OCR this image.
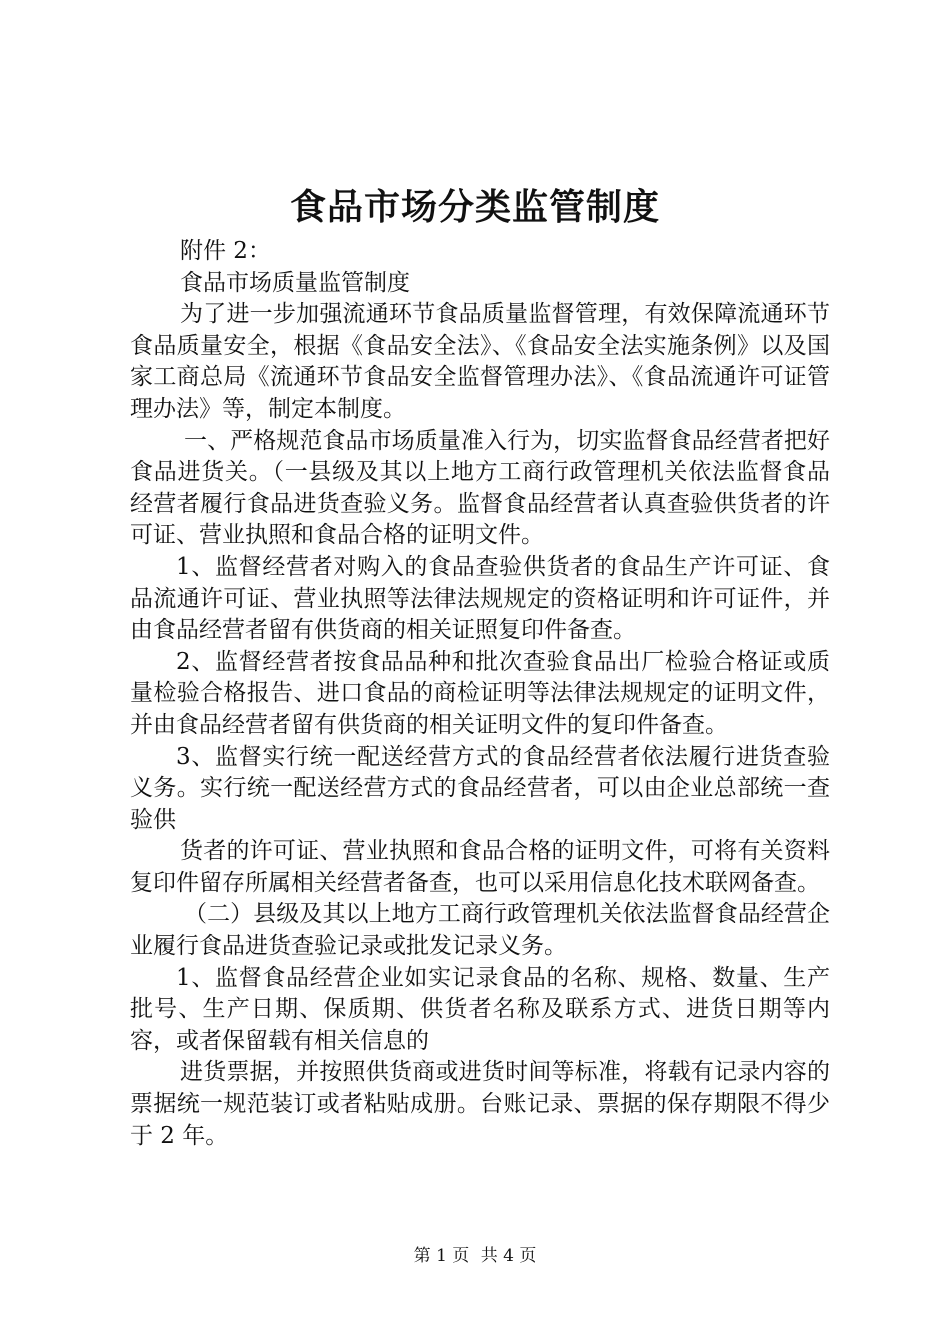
食品市场分类监管制度

附件 2：

食品市场质量监管制度

为了进一步加强流通环节食品质量监督管理，有效保障流通环节食品质量安全，根据《食品安全法》、《食品安全法实施条例》以及国家工商总局《流通环节食品安全监督管理办法》、《食品流通许可证管理办法》等，制定本制度。

一、严格规范食品市场质量准入行为，切实监督食品经营者把好食品进货关。（一县级及其以上地方工商行政管理机关依法监督食品经营者履行食品进货查验义务。监督食品经营者认真查验供货者的许可证、营业执照和食品合格的证明文件。

1、监督经营者对购入的食品查验供货者的食品生产许可证、食品流通许可证、营业执照等法律法规规定的资格证明和许可证件，并由食品经营者留有供货商的相关证照复印件备查。

2、监督经营者按食品品种和批次查验食品出厂检验合格证或质量检验合格报告、进口食品的商检证明等法律法规规定的证明文件，并由食品经营者留有供货商的相关证明文件的复印件备查。

3、监督实行统一配送经营方式的食品经营者依法履行进货查验义务。实行统一配送经营方式的食品经营者，可以由企业总部统一查验供

货者的许可证、营业执照和食品合格的证明文件，可将有关资料复印件留存所属相关经营者备查，也可以采用信息化技术联网备查。

（二）县级及其以上地方工商行政管理机关依法监督食品经营企业履行食品进货查验记录或批发记录义务。

1、监督食品经营企业如实记录食品的名称、规格、数量、生产批号、生产日期、保质期、供货者名称及联系方式、进货日期等内容，或者保留载有相关信息的

进货票据，并按照供货商或进货时间等标准，将载有记录内容的票据统一规范装订或者粘贴成册。台账记录、票据的保存期限不得少于 2 年。

第 1 页 共 4 页
